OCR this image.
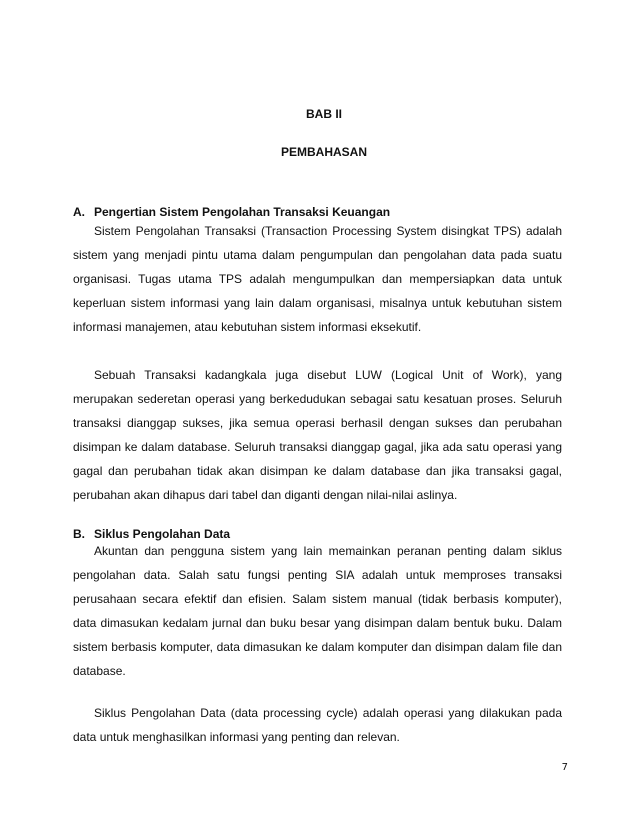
BAB II
PEMBAHASAN
A. Pengertian Sistem Pengolahan Transaksi Keuangan

Sistem Pengolahan Transaksi (Transaction Processing System disingkat TPS) adalah sistem yang menjadi pintu utama dalam pengumpulan dan pengolahan data pada suatu organisasi. Tugas utama TPS adalah mengumpulkan dan mempersiapkan data untuk keperluan sistem informasi yang lain dalam organisasi, misalnya untuk kebutuhan sistem informasi manajemen, atau kebutuhan sistem informasi eksekutif.

Sebuah Transaksi kadangkala juga disebut LUW (Logical Unit of Work), yang merupakan sederetan operasi yang berkedudukan sebagai satu kesatuan proses. Seluruh transaksi dianggap sukses, jika semua operasi berhasil dengan sukses dan perubahan disimpan ke dalam database. Seluruh transaksi dianggap gagal, jika ada satu operasi yang gagal dan perubahan tidak akan disimpan ke dalam database dan jika transaksi gagal, perubahan akan dihapus dari tabel dan diganti dengan nilai-nilai aslinya.

B. Siklus Pengolahan Data

Akuntan dan pengguna sistem yang lain memainkan peranan penting dalam siklus pengolahan data. Salah satu fungsi penting SIA adalah untuk memproses transaksi perusahaan secara efektif dan efisien. Salam sistem manual (tidak berbasis komputer), data dimasukan kedalam jurnal dan buku besar yang disimpan dalam bentuk buku. Dalam sistem berbasis komputer, data dimasukan ke dalam komputer dan disimpan dalam file dan database.

Siklus Pengolahan Data (data processing cycle) adalah operasi yang dilakukan pada data untuk menghasilkan informasi yang penting dan relevan.

7
